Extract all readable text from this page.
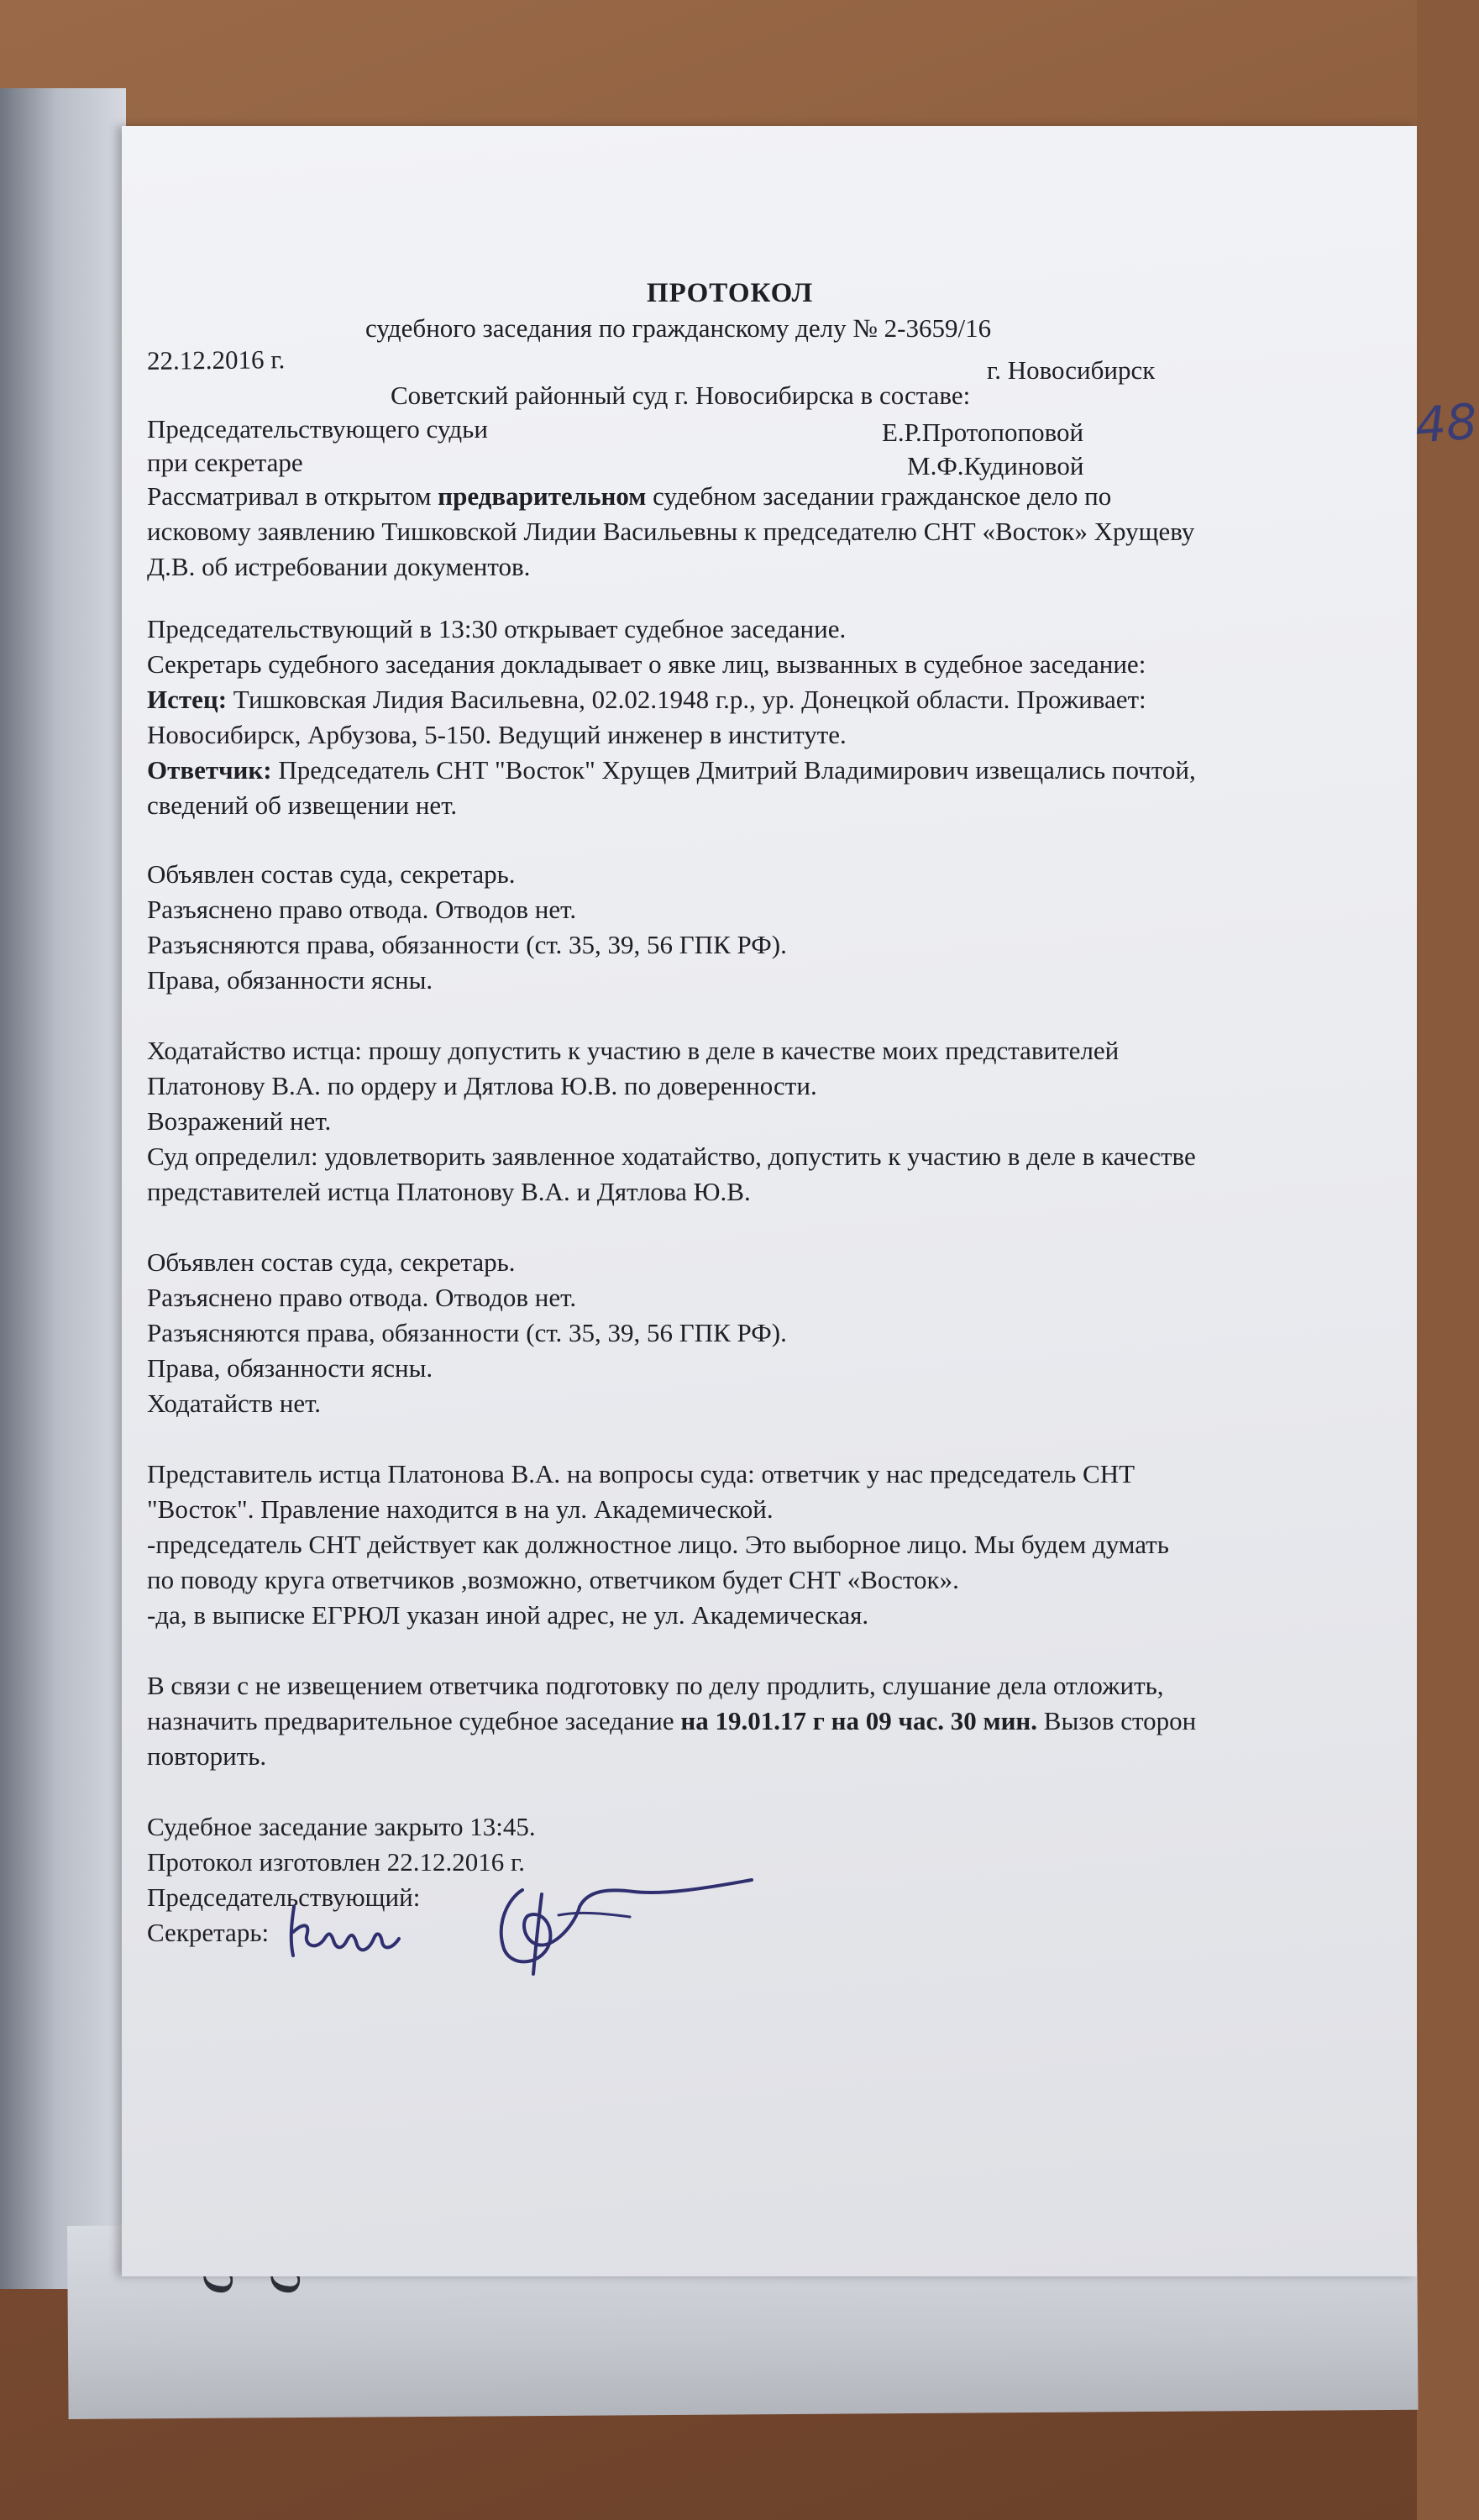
ПРОТОКОЛ
судебного заседания по гражданскому делу № 2-3659/16
22.12.2016 г.	г. Новосибирск
Советский районный суд г. Новосибирска в составе:
Председательствующего судьи	Е.Р.Протопоповой
при секретаре	М.Ф.Кудиновой
Рассматривал в открытом предварительном судебном заседании гражданское дело по
исковому заявлению Тишковской Лидии Васильевны к председателю СНТ «Восток» Хрущеву
Д.В. об истребовании документов.
Председательствующий в 13:30 открывает судебное заседание.
Секретарь судебного заседания докладывает о явке лиц, вызванных в судебное заседание:
Истец: Тишковская Лидия Васильевна, 02.02.1948 г.р., ур. Донецкой области. Проживает:
Новосибирск, Арбузова, 5-150. Ведущий инженер в институте.
Ответчик: Председатель СНТ "Восток" Хрущев Дмитрий Владимирович извещались почтой,
сведений об извещении нет.
Объявлен состав суда, секретарь.
Разъяснено право отвода. Отводов нет.
Разъясняются права, обязанности (ст. 35, 39, 56 ГПК РФ).
Права, обязанности ясны.
Ходатайство истца: прошу допустить к участию в деле в качестве моих представителей
Платонову В.А. по ордеру и Дятлова Ю.В. по доверенности.
Возражений нет.
Суд определил: удовлетворить заявленное ходатайство, допустить к участию в деле в качестве
представителей истца Платонову В.А. и Дятлова Ю.В.
Объявлен состав суда, секретарь.
Разъяснено право отвода. Отводов нет.
Разъясняются права, обязанности (ст. 35, 39, 56 ГПК РФ).
Права, обязанности ясны.
Ходатайств нет.
Представитель истца Платонова В.А. на вопросы суда: ответчик у нас председатель СНТ
"Восток". Правление находится в на ул. Академической.
-председатель СНТ действует как должностное лицо. Это выборное лицо. Мы будем думать
по поводу круга ответчиков ,возможно, ответчиком будет СНТ «Восток».
-да, в выписке ЕГРЮЛ указан иной адрес, не ул. Академическая.
В связи с не извещением ответчика подготовку по делу продлить, слушание дела отложить,
назначить предварительное судебное заседание на 19.01.17 г на 09 час. 30 мин. Вызов сторон
повторить.
Судебное заседание закрыто 13:45.
Протокол изготовлен 22.12.2016 г.
Председательствующий:
Секретарь:
48
